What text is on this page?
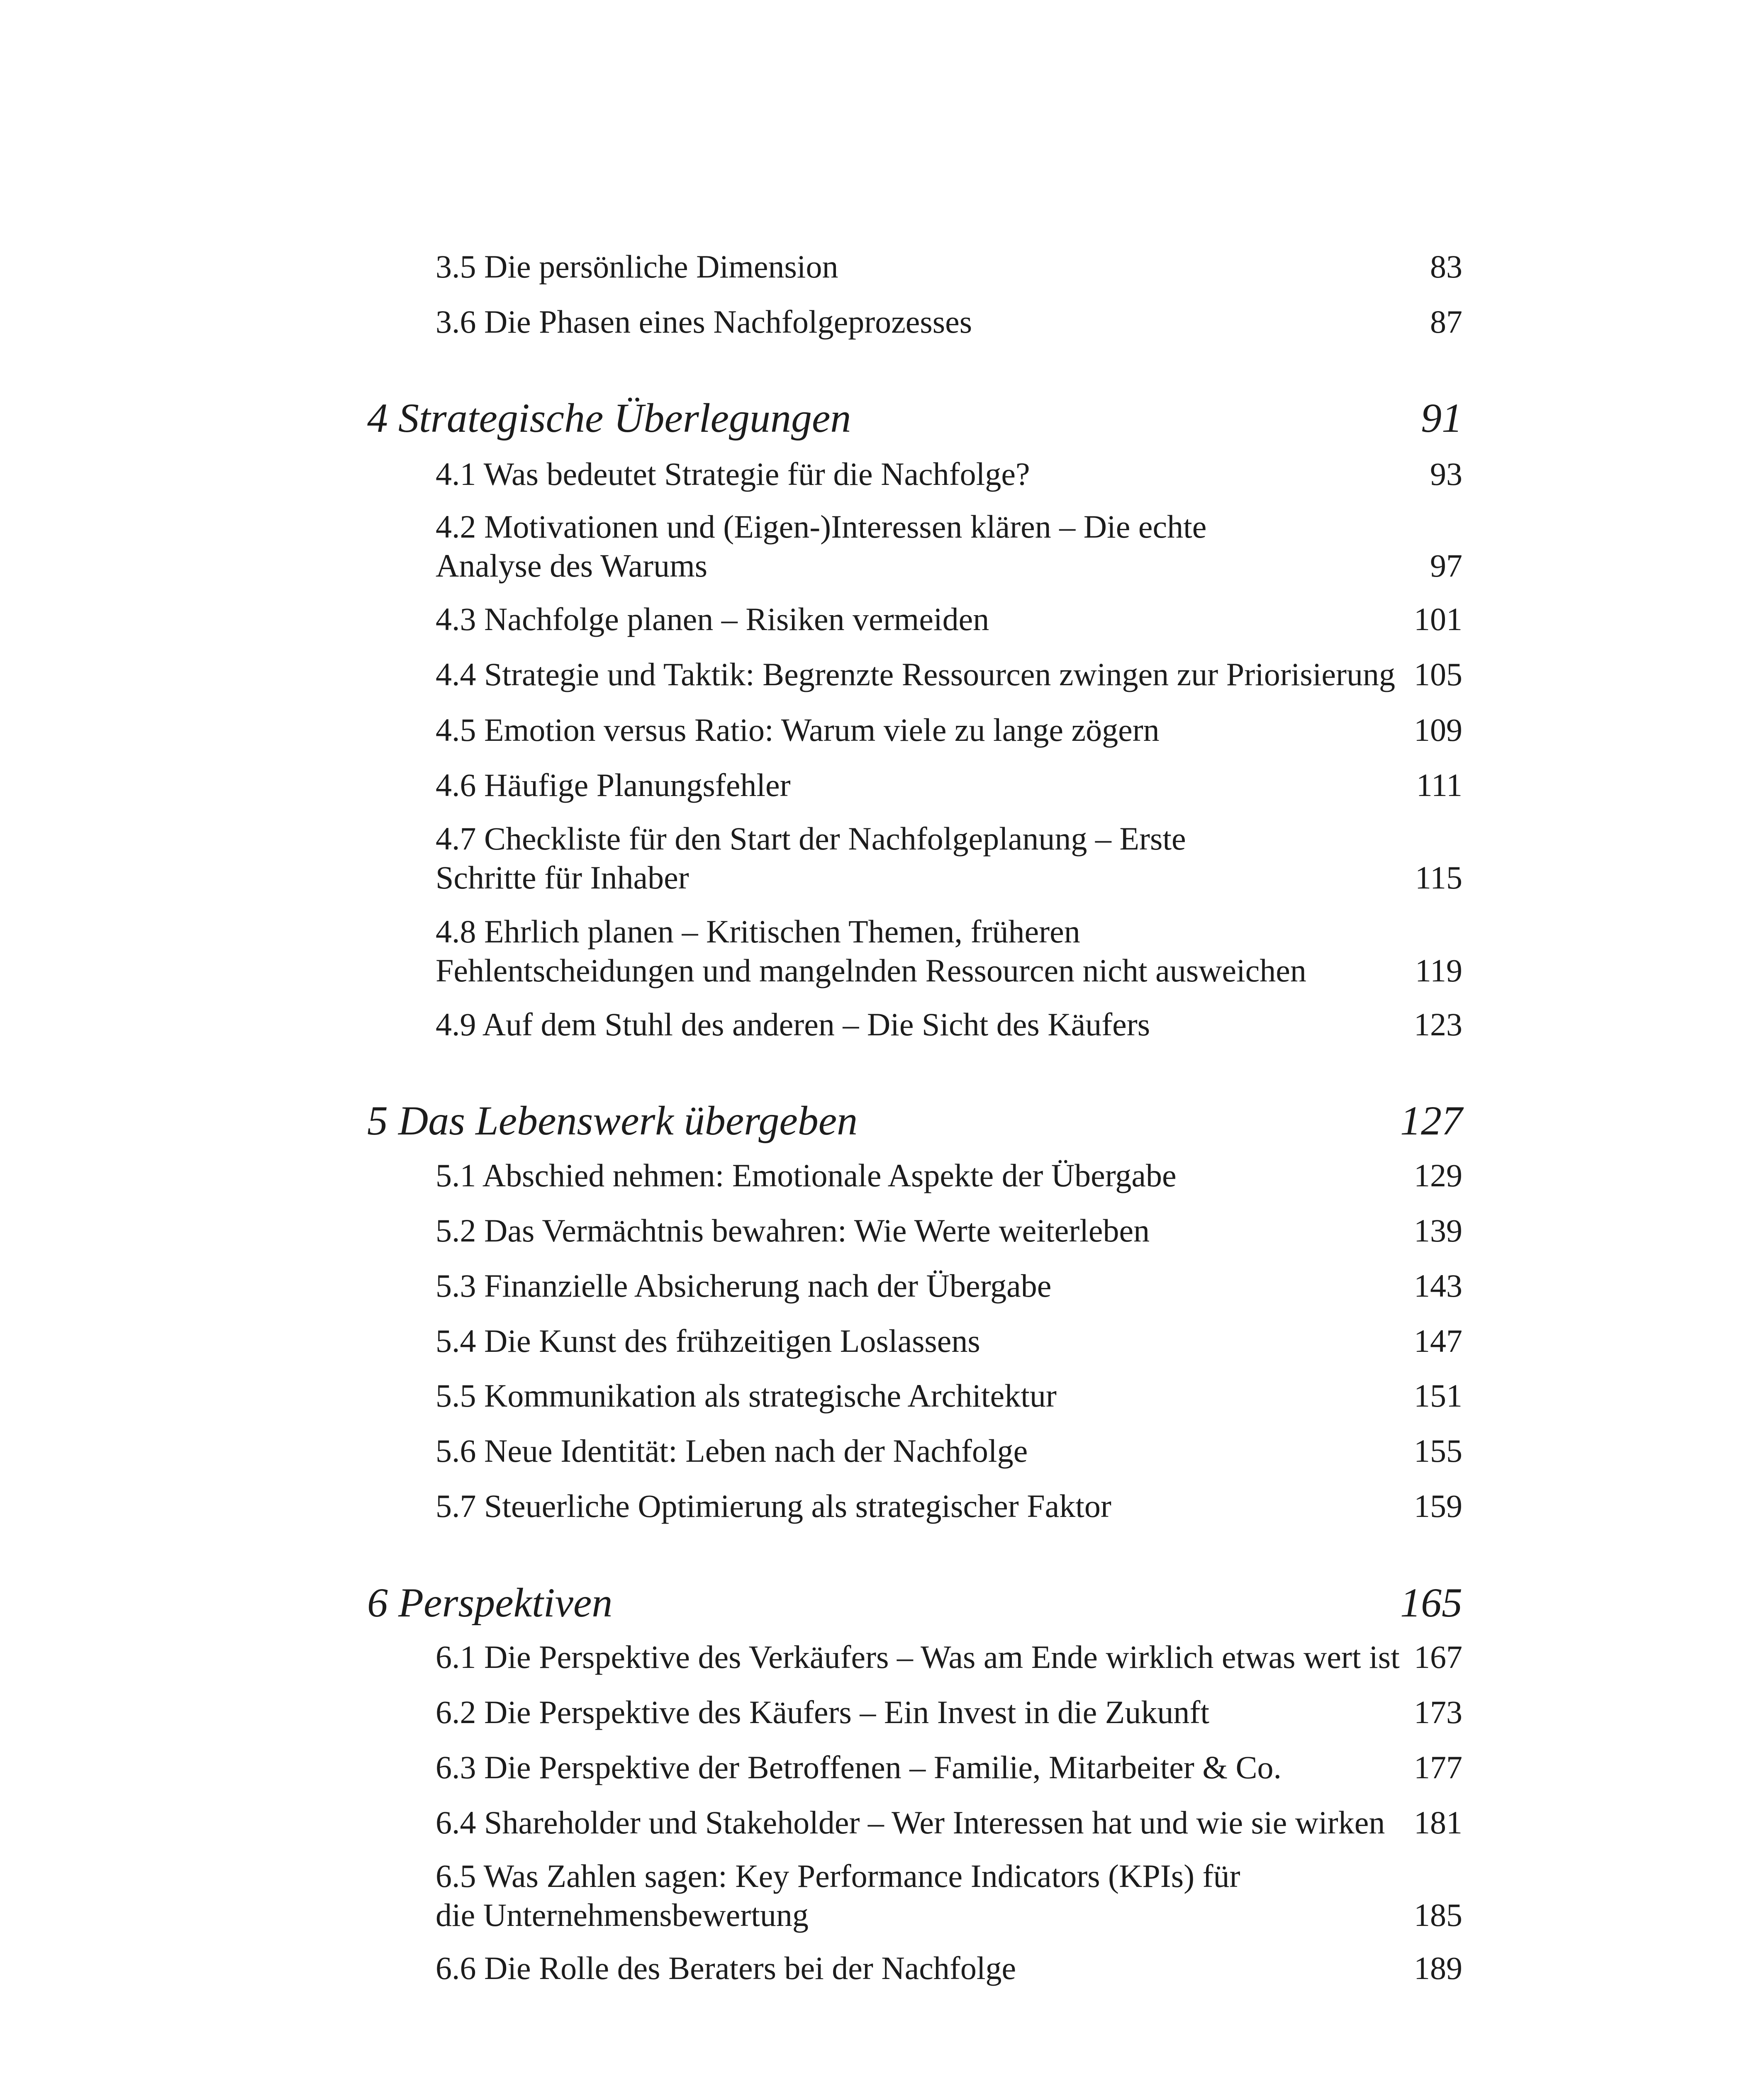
3.5 Die persönliche Dimension	83
3.6 Die Phasen eines Nachfolgeprozesses	87
4 Strategische Überlegungen	91
4.1 Was bedeutet Strategie für die Nachfolge?	93
4.2 Motivationen und (Eigen-)Interessen klären – Die echte
Analyse des Warums	97
4.3 Nachfolge planen – Risiken vermeiden	101
4.4 Strategie und Taktik: Begrenzte Ressourcen zwingen zur Priorisierung 105
4.5 Emotion versus Ratio: Warum viele zu lange zögern	109
4.6 Häufige Planungsfehler	111
4.7 Checkliste für den Start der Nachfolgeplanung – Erste
Schritte für Inhaber	115
4.8 Ehrlich planen – Kritischen Themen, früheren
Fehlentscheidungen und mangelnden Ressourcen nicht ausweichen	119
4.9 Auf dem Stuhl des anderen – Die Sicht des Käufers	123
5 Das Lebenswerk übergeben	127
5.1 Abschied nehmen: Emotionale Aspekte der Übergabe	129
5.2 Das Vermächtnis bewahren: Wie Werte weiterleben	139
5.3 Finanzielle Absicherung nach der Übergabe	143
5.4 Die Kunst des frühzeitigen Loslassens	147
5.5 Kommunikation als strategische Architektur	151
5.6 Neue Identität: Leben nach der Nachfolge	155
5.7 Steuerliche Optimierung als strategischer Faktor	159
6 Perspektiven	165
6.1 Die Perspektive des Verkäufers – Was am Ende wirklich etwas wert ist 167
6.2 Die Perspektive des Käufers – Ein Invest in die Zukunft	173
6.3 Die Perspektive der Betroffenen – Familie, Mitarbeiter & Co.	177
6.4 Shareholder und Stakeholder – Wer Interessen hat und wie sie wirken 181
6.5 Was Zahlen sagen: Key Performance Indicators (KPIs) für
die Unternehmensbewertung	185
6.6 Die Rolle des Beraters bei der Nachfolge	189
